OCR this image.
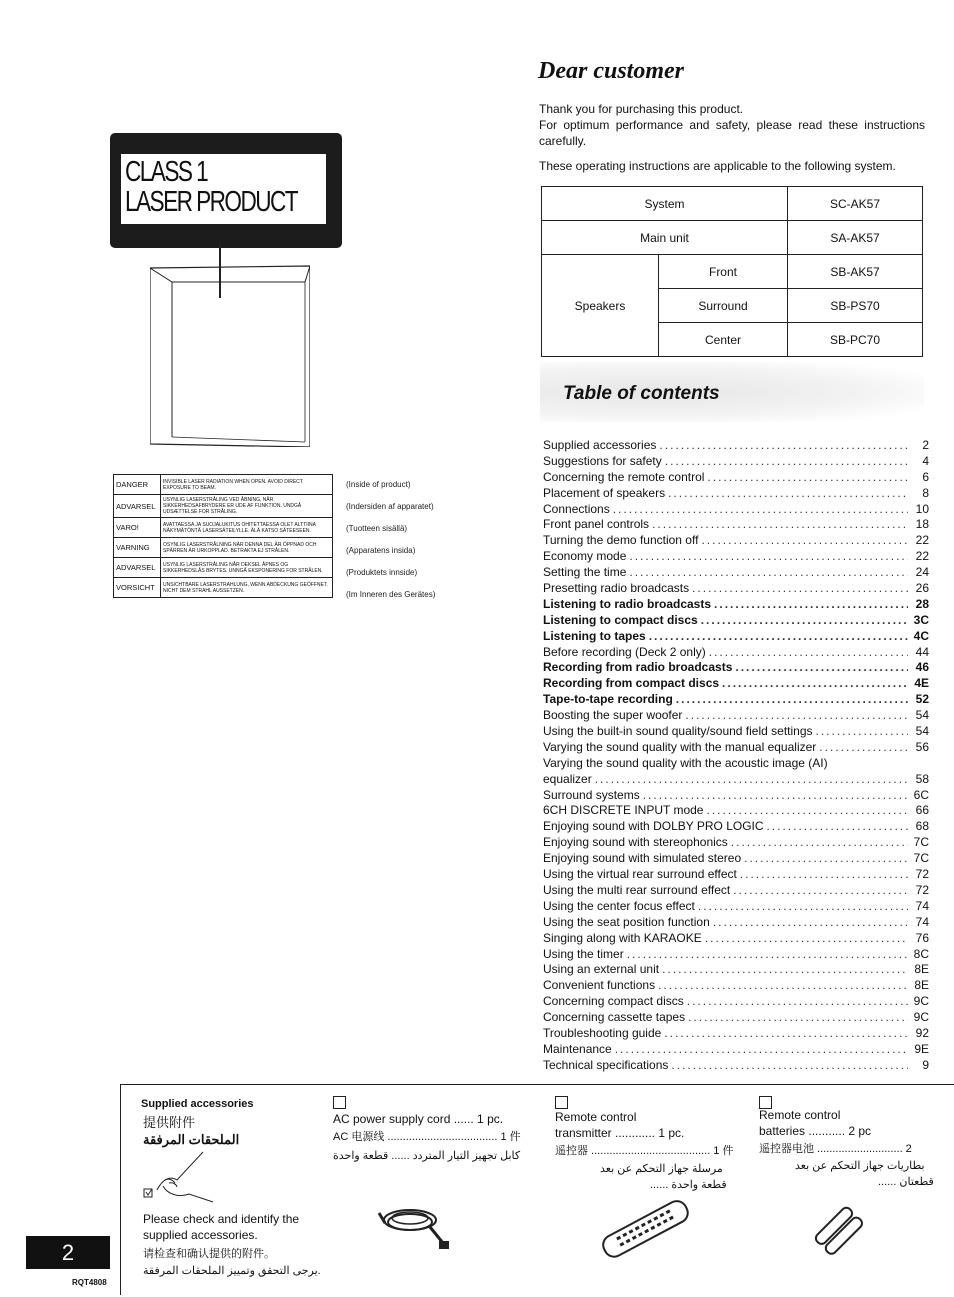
CLASS 1
LASER PRODUCT
DANGER	INVISIBLE LASER RADIATION WHEN OPEN. AVOID DIRECT EXPOSURE TO BEAM.
ADVARSEL	USYNLIG LASERSTRÅLING VED ÅBNING, NÅR SIKKERHEDSAFBRYDERE ER UDE AF FUNKTION. UNDGÅ UDSÆTTELSE FOR STRÅLING.
VARO!	AVATTAESSA JA SUOJALUKITUS OHITETTAESSA OLET ALTTIINA NÄKYMÄTÖNTÄ LASERSÄTEILYLLE. ÄLÄ KATSO SÄTEESEEN.
VARNING	OSYNLIG LASERSTRÅLNING NÄR DENNA DEL ÄR ÖPPNAD OCH SPÄRREN ÄR URKOPPLAD. BETRAKTA EJ STRÅLEN.
ADVARSEL	USYNLIG LASERSTRÅLING NÅR DEKSEL ÅPNES OG SIKKERHEDSLÅS BRYTES. UNNGÅ EKSPONERING FOR STRÅLEN.
VORSICHT	UNSICHTBARE LASERSTRAHLUNG, WENN ABDECKUNG GEÖFFNET. NICHT DEM STRAHL AUSSETZEN.
(Inside of product)
(Indersiden af apparatet)
(Tuotteen sisällä)
(Apparatens insida)
(Produktets innside)
(Im Inneren des Gerätes)
Dear customer
Thank you for purchasing this product.
For optimum performance and safety, please read these instructions carefully.
These operating instructions are applicable to the following system.
System		SC-AK57
Main unit		SA-AK57
Speakers	Front	SB-AK57
	Surround	SB-PS70
	Center	SB-PC70
Table of contents
Supplied accessories .....	2
Suggestions for safety .....	4
Concerning the remote control .....	6
Placement of speakers .....	8
Connections .....	10
Front panel controls .....	18
Turning the demo function off .....	22
Economy mode .....	22
Setting the time .....	24
Presetting radio broadcasts .....	26
Listening to radio broadcasts .....	28
Listening to compact discs .....	3C
Listening to tapes .....	4C
Before recording (Deck 2 only) .....	44
Recording from radio broadcasts .....	46
Recording from compact discs .....	4E
Tape-to-tape recording .....	52
Boosting the super woofer .....	54
Using the built-in sound quality/sound field settings .....	54
Varying the sound quality with the manual equalizer .....	56
Varying the sound quality with the acoustic image (AI)
equalizer .....	58
Surround systems .....	6C
6CH DISCRETE INPUT mode .....	66
Enjoying sound with DOLBY PRO LOGIC .....	68
Enjoying sound with stereophonics .....	7C
Enjoying sound with simulated stereo .....	7C
Using the virtual rear surround effect .....	72
Using the multi rear surround effect .....	72
Using the center focus effect .....	74
Using the seat position function .....	74
Singing along with KARAOKE .....	76
Using the timer .....	8C
Using an external unit .....	8E
Convenient functions .....	8E
Concerning compact discs .....	9C
Concerning cassette tapes .....	9C
Troubleshooting guide .....	92
Maintenance .....	9E
Technical specifications .....	9
Supplied accessories
提供附件
الملحقات المرفقة
Please check and identify the supplied accessories.
请检查和确认提供的附件。
يرجى التحقق وتمييز الملحقات المرفقة.
AC power supply cord ...... 1 pc.
AC 电源线 .................................... 1 件
كابل تجهيز التيار المتردد ...... قطعة واحدة
Remote control
transmitter ............ 1 pc.
遥控器 ....................................... 1 件
مرسلة جهاز التحكم عن بعد
...... قطعة واحدة
Remote control
batteries ........... 2 pc
遥控器电池 ............................ 2
بطاريات جهاز التحكم عن بعد
...... قطعتان
2
RQT4808
